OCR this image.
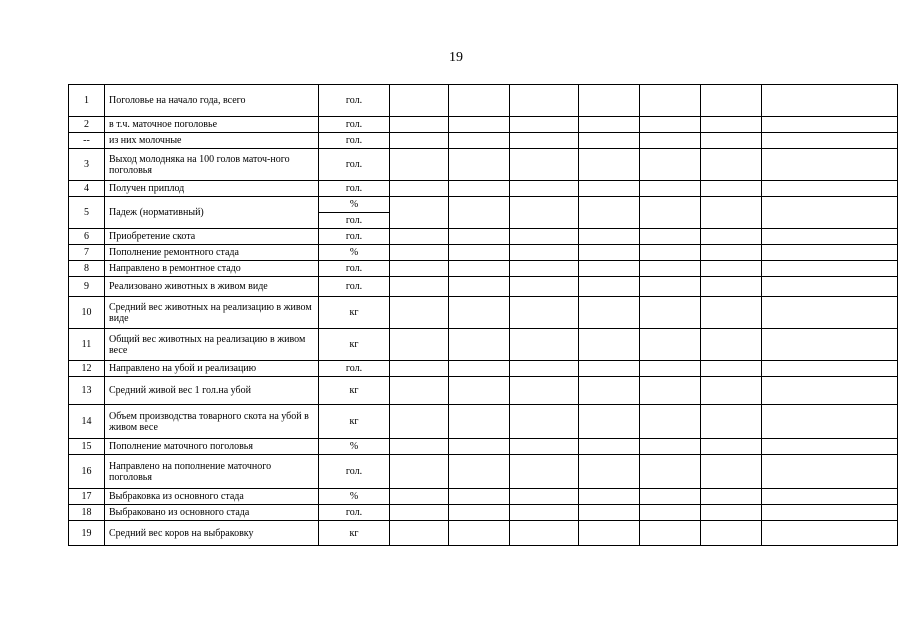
19
1	Поголовье на начало года, всего	гол.							
2	в т.ч. маточное поголовье	гол.							
--	из них молочные	гол.							
3	Выход молодняка на 100 голов маточ-ного поголовья	гол.							
4	Получен приплод	гол.							
5	Падеж (нормативный)	%							
		гол.							
6	Приобретение скота	гол.							
7	Пополнение ремонтного стада	%							
8	Направлено в ремонтное стадо	гол.							
9	Реализовано животных в живом виде	гол.							
10	Средний вес животных на реализацию в живом виде	кг							
11	Общий вес животных на реализацию в живом весе	кг							
12	Направлено на убой и реализацию	гол.							
13	Средний живой вес 1 гол.на убой	кг							
14	Объем производства товарного скота на убой в живом весе	кг							
15	Пополнение маточного поголовья	%							
16	Направлено на пополнение маточного поголовья	гол.							
17	Выбраковка из основного стада	%							
18	Выбраковано из основного стада	гол.							
19	Средний вес коров на выбраковку	кг							
